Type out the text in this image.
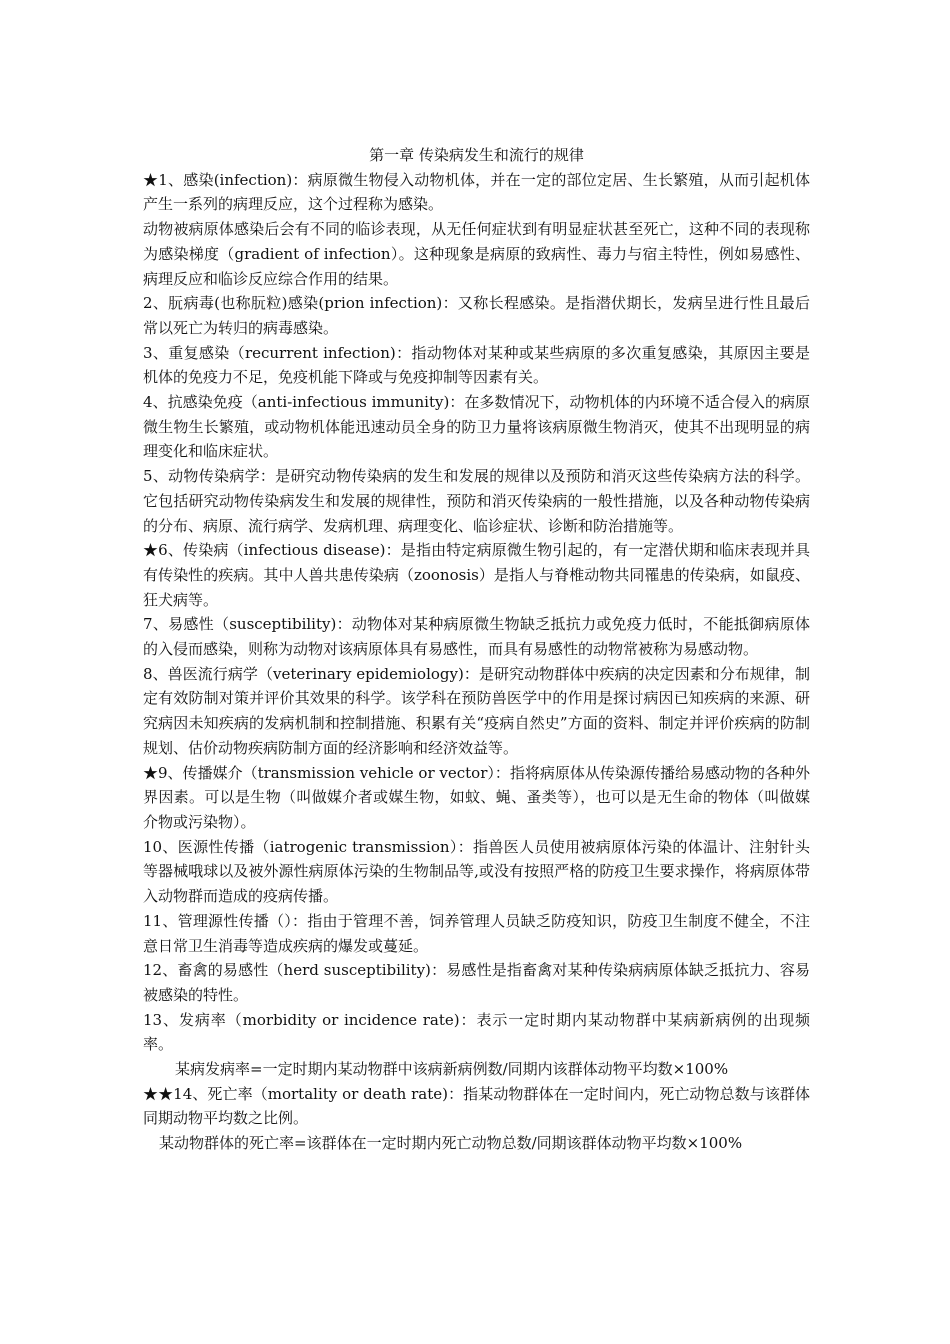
第一章 传染病发生和流行的规律

★1、感染(infection)：病原微生物侵入动物机体，并在一定的部位定居、生长繁殖，从而引起机体产生一系列的病理反应，这个过程称为感染。

动物被病原体感染后会有不同的临诊表现，从无任何症状到有明显症状甚至死亡，这种不同的表现称为感染梯度（gradient of infection）。这种现象是病原的致病性、毒力与宿主特性，例如易感性、病理反应和临诊反应综合作用的结果。

2、朊病毒(也称朊粒)感染(prion infection)：又称长程感染。是指潜伏期长，发病呈进行性且最后常以死亡为转归的病毒感染。

3、重复感染（recurrent infection)：指动物体对某种或某些病原的多次重复感染，其原因主要是机体的免疫力不足，免疫机能下降或与免疫抑制等因素有关。

4、抗感染免疫（anti-infectious immunity)：在多数情况下，动物机体的内环境不适合侵入的病原微生物生长繁殖，或动物机体能迅速动员全身的防卫力量将该病原微生物消灭，使其不出现明显的病理变化和临床症状。

5、动物传染病学：是研究动物传染病的发生和发展的规律以及预防和消灭这些传染病方法的科学。它包括研究动物传染病发生和发展的规律性，预防和消灭传染病的一般性措施，以及各种动物传染病的分布、病原、流行病学、发病机理、病理变化、临诊症状、诊断和防治措施等。

★6、传染病（infectious disease)：是指由特定病原微生物引起的，有一定潜伏期和临床表现并具有传染性的疾病。其中人兽共患传染病（zoonosis）是指人与脊椎动物共同罹患的传染病，如鼠疫、狂犬病等。

7、易感性（susceptibility)：动物体对某种病原微生物缺乏抵抗力或免疫力低时，不能抵御病原体的入侵而感染，则称为动物对该病原体具有易感性，而具有易感性的动物常被称为易感动物。

8、兽医流行病学（veterinary epidemiology)：是研究动物群体中疾病的决定因素和分布规律，制定有效防制对策并评价其效果的科学。该学科在预防兽医学中的作用是探讨病因已知疾病的来源、研究病因未知疾病的发病机制和控制措施、积累有关“疫病自然史”方面的资料、制定并评价疾病的防制规划、估价动物疾病防制方面的经济影响和经济效益等。

★9、传播媒介（transmission vehicle or vector）：指将病原体从传染源传播给易感动物的各种外界因素。可以是生物（叫做媒介者或媒生物，如蚊、蝇、蚤类等），也可以是无生命的物体（叫做媒介物或污染物）。

10、医源性传播（iatrogenic transmission）：指兽医人员使用被病原体污染的体温计、注射针头等器械哦球以及被外源性病原体污染的生物制品等,或没有按照严格的防疫卫生要求操作，将病原体带入动物群而造成的疫病传播。

11、管理源性传播（）：指由于管理不善，饲养管理人员缺乏防疫知识，防疫卫生制度不健全，不注意日常卫生消毒等造成疾病的爆发或蔓延。

12、畜禽的易感性（herd susceptibility)：易感性是指畜禽对某种传染病病原体缺乏抵抗力、容易被感染的特性。

13、发病率（morbidity or incidence rate)：表示一定时期内某动物群中某病新病例的出现频率。

某病发病率=一定时期内某动物群中该病新病例数/同期内该群体动物平均数×100%

★★14、死亡率（mortality or death rate)：指某动物群体在一定时间内，死亡动物总数与该群体同期动物平均数之比例。

某动物群体的死亡率=该群体在一定时期内死亡动物总数/同期该群体动物平均数×100%
